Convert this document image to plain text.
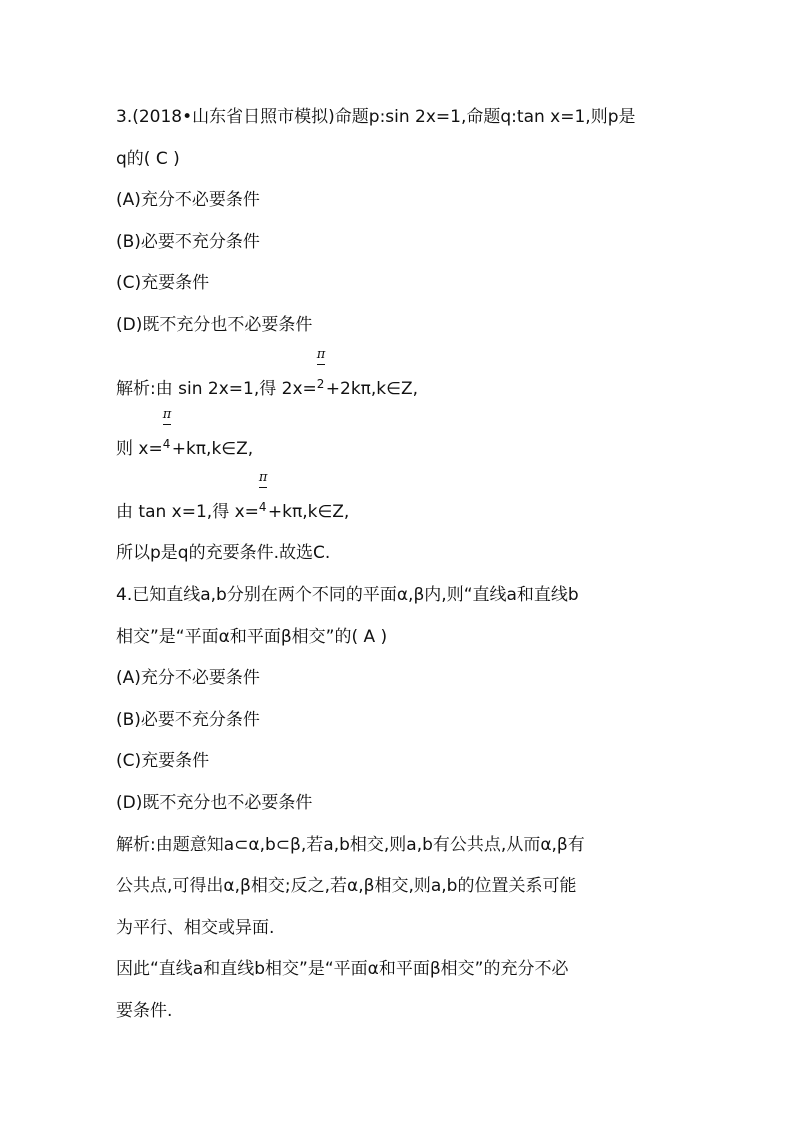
3.(2018•山东省日照市模拟)命题p:sin 2x=1,命题q:tan x=1,则p是
q的( C )
(A)充分不必要条件
(B)必要不充分条件
(C)充要条件
(D)既不充分也不必要条件
解析:由 sin 2x=1,得 $2x= \frac{\pi}{^2}+2k\pi,k\in Z$,
则 $x= \frac{\pi}{^4}+k\pi,k\in Z$,
由 tan x=1,得 $x= \frac{\pi}{^4}+k\pi,k\in Z$,
所以p是q的充要条件.故选C.
4.已知直线a,b分别在两个不同的平面α,β内,则“直线a和直线b
相交”是“平面α和平面β相交”的( A )
(A)充分不必要条件
(B)必要不充分条件
(C)充要条件
(D)既不充分也不必要条件
解析:由题意知a⊂α,b⊂β,若a,b相交,则a,b有公共点,从而α,β有
公共点,可得出α,β相交;反之,若α,β相交,则a,b的位置关系可能
为平行、相交或异面.
因此“直线a和直线b相交”是“平面α和平面β相交”的充分不必
要条件.
